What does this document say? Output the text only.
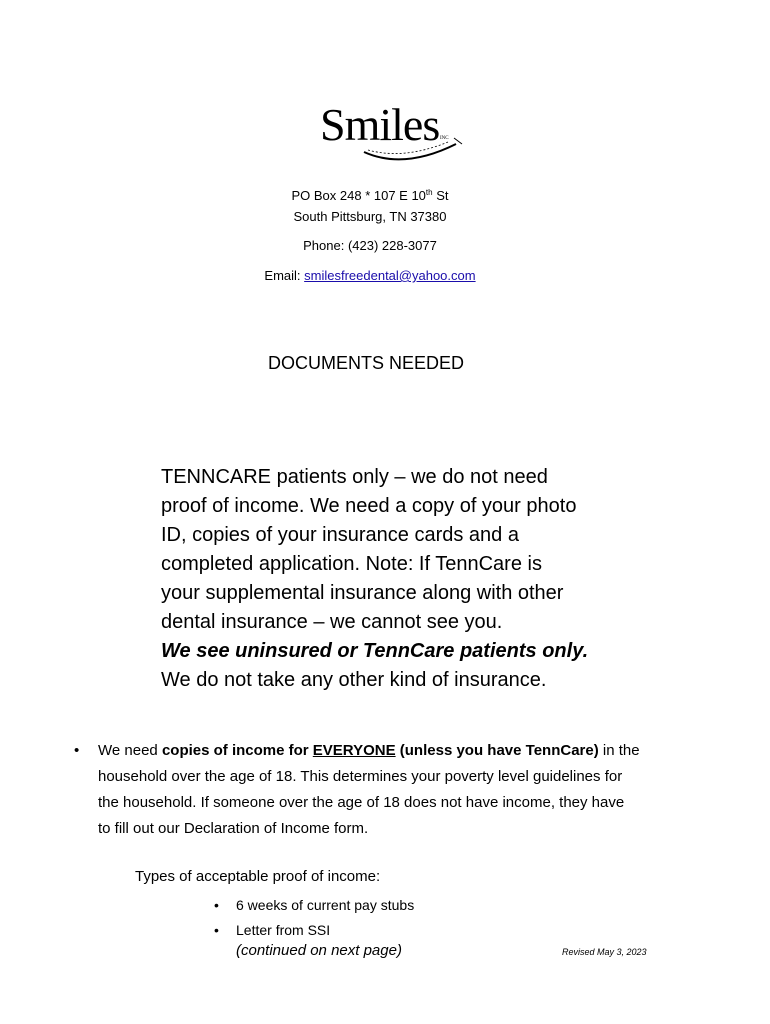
Smiles INC
PO Box 248 * 107 E 10th St
South Pittsburg, TN 37380
Phone: (423) 228-3077
Email: smilesfreedental@yahoo.com
DOCUMENTS NEEDED
TENNCARE patients only – we do not need
proof of income. We need a copy of your photo
ID, copies of your insurance cards and a
completed application. Note: If TennCare is
your supplemental insurance along with other
dental insurance – we cannot see you.
We see uninsured or TennCare patients only.
We do not take any other kind of insurance.
• We need copies of income for EVERYONE (unless you have TennCare) in the
household over the age of 18. This determines your poverty level guidelines for
the household. If someone over the age of 18 does not have income, they have
to fill out our Declaration of Income form.
Types of acceptable proof of income:
• 6 weeks of current pay stubs
• Letter from SSI
(continued on next page)	Revised May 3, 2023
